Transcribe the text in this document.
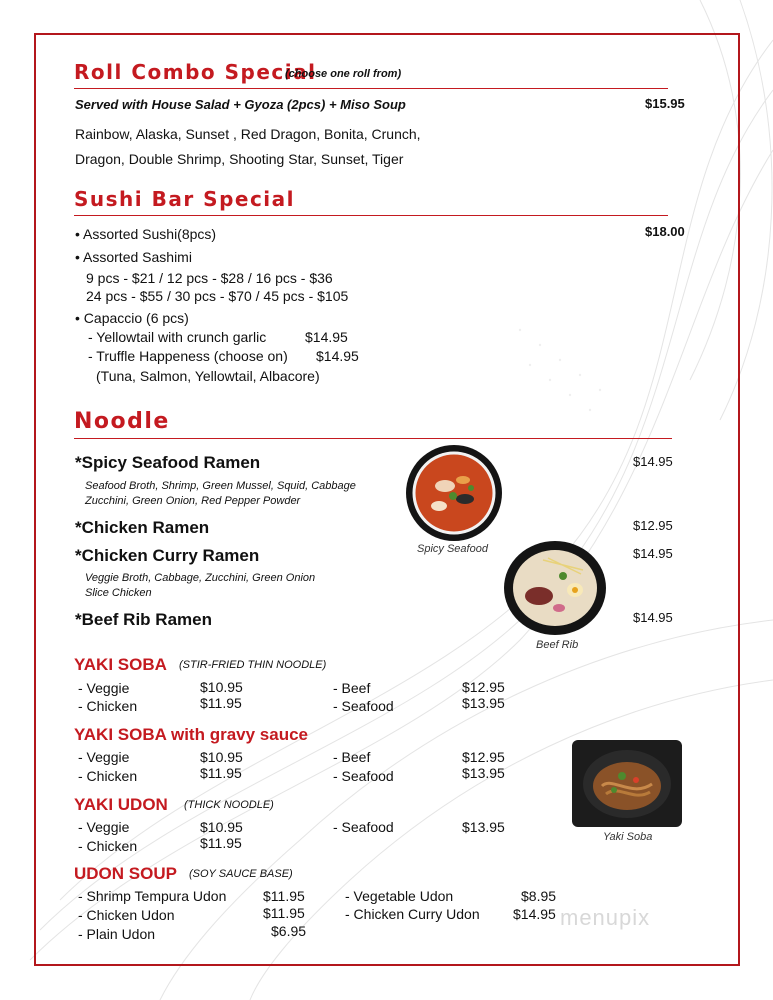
Roll Combo Special
(choose one roll from)
Served with House Salad + Gyoza (2pcs) + Miso Soup	$15.95
Rainbow, Alaska, Sunset , Red Dragon, Bonita, Crunch,
Dragon, Double Shrimp, Shooting Star, Sunset, Tiger
Sushi Bar Special
• Assorted Sushi(8pcs)	$18.00
• Assorted Sashimi
9 pcs - $21 / 12 pcs - $28 / 16 pcs - $36
24 pcs - $55 / 30 pcs - $70 / 45 pcs - $105
• Capaccio (6 pcs)
- Yellowtail with crunch garlic	$14.95
- Truffle Happeness (choose on) $14.95
(Tuna, Salmon, Yellowtail, Albacore)
Noodle
*Spicy Seafood Ramen	$14.95
Seafood Broth, Shrimp, Green Mussel, Squid, Cabbage
Zucchini, Green Onion, Red Pepper Powder
*Chicken Ramen	$12.95
*Chicken Curry Ramen	$14.95
Veggie Broth, Cabbage, Zucchini, Green Onion
Slice Chicken
*Beef Rib Ramen	$14.95
Spicy Seafood
Beef Rib
Yaki Soba
YAKI SOBA (STIR-FRIED THIN NOODLE)
- Veggie	$10.95
- Chicken	$11.95
- Beef	$12.95
- Seafood	$13.95
YAKI SOBA with gravy sauce
- Veggie	$10.95
- Chicken	$11.95
- Beef	$12.95
- Seafood	$13.95
YAKI UDON (THICK NOODLE)
- Veggie	$10.95
- Chicken	$11.95
- Seafood	$13.95
UDON SOUP (SOY SAUCE BASE)
- Shrimp Tempura Udon	$11.95
- Chicken Udon	$11.95
- Plain Udon	$6.95
- Vegetable Udon	$8.95
- Chicken Curry Udon $14.95 menupix
